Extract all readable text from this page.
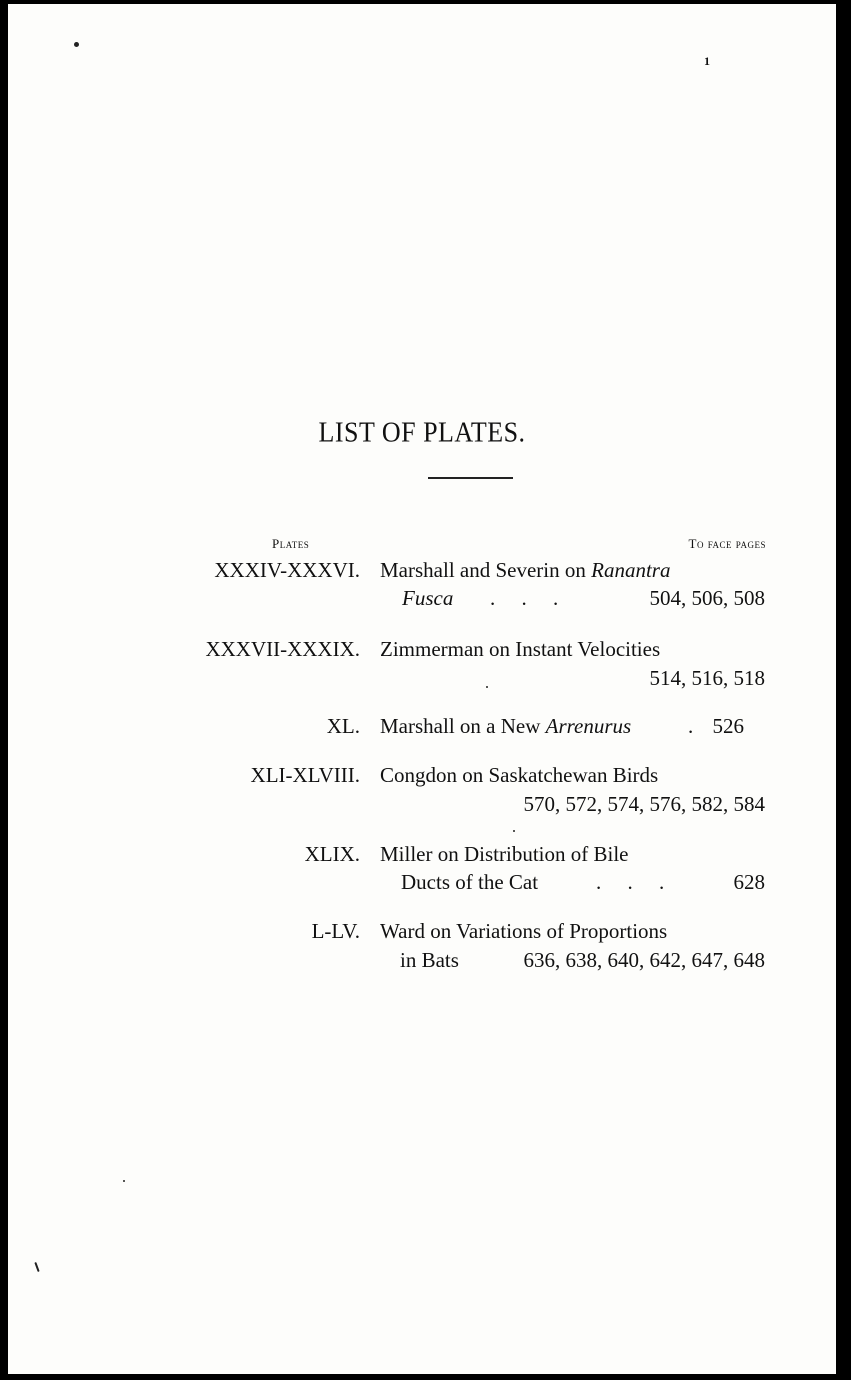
1
LIST OF PLATES.
Plates	To face pages
XXXIV-XXXVI. Marshall and Severin on Ranantra
Fusca .     .     .	504, 506, 508
XXXVII-XXXIX. Zimmerman on Instant Velocities
514, 516, 518
XL. Marshall on a New Arrenurus	. 526
XLI-XLVIII. Congdon on Saskatchewan Birds
570, 572, 574, 576, 582, 584
XLIX. Miller on Distribution of Bile
Ducts of the Cat	.     .     .	628
L-LV. Ward on Variations of Proportions
in Bats	636, 638, 640, 642, 647, 648
